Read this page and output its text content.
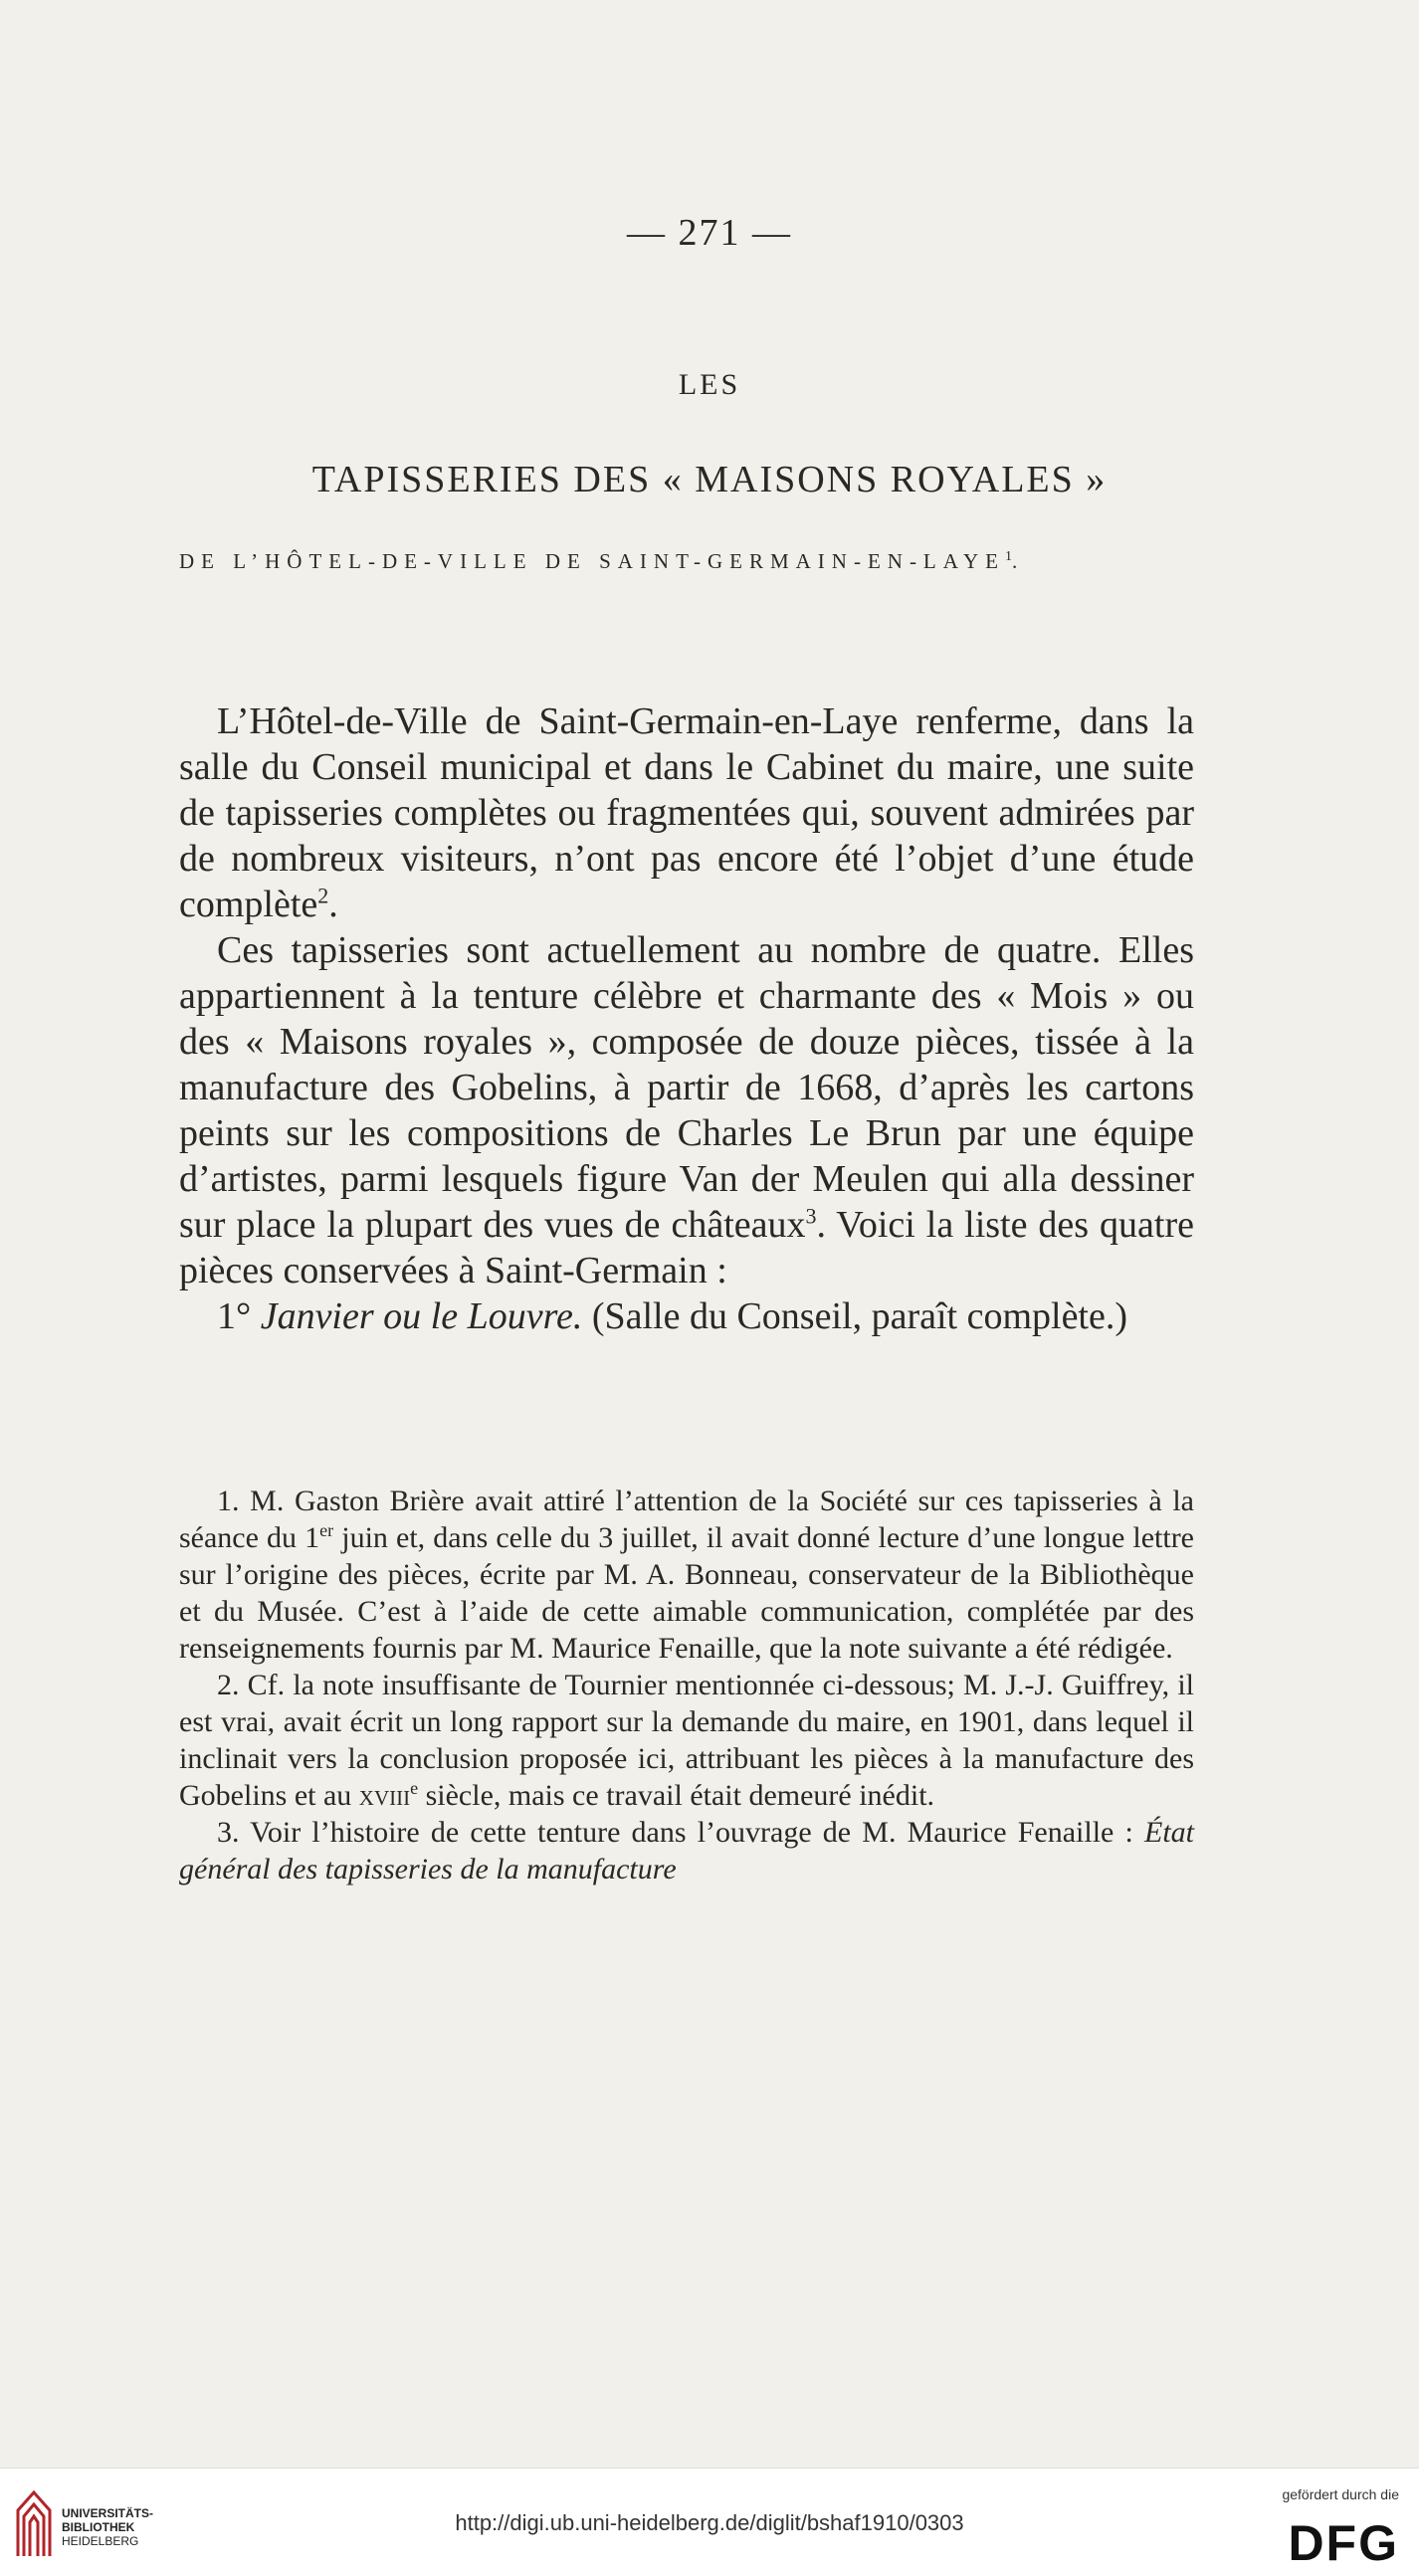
— 271 —
LES
TAPISSERIES DES « MAISONS ROYALES »
DE L’HÔTEL-DE-VILLE DE SAINT-GERMAIN-EN-LAYE$^1$.

L’Hôtel-de-Ville de Saint-Germain-en-Laye renferme, dans la salle du Conseil municipal et dans le Cabinet du maire, une suite de tapisseries complètes ou fragmentées qui, souvent admirées par de nombreux visiteurs, n’ont pas encore été l’objet d’une étude complète$^2$.

Ces tapisseries sont actuellement au nombre de quatre. Elles appartiennent à la tenture célèbre et charmante des « Mois » ou des « Maisons royales », composée de douze pièces, tissée à la manufacture des Gobelins, à partir de 1668, d’après les cartons peints sur les compositions de Charles Le Brun par une équipe d’artistes, parmi lesquels figure Van der Meulen qui alla dessiner sur place la plupart des vues de châteaux$^3$. Voici la liste des quatre pièces conservées à Saint-Germain :

1° Janvier ou le Louvre. (Salle du Conseil, paraît complète.)

1. M. Gaston Brière avait attiré l’attention de la Société sur ces tapisseries à la séance du 1er juin et, dans celle du 3 juillet, il avait donné lecture d’une longue lettre sur l’origine des pièces, écrite par M. A. Bonneau, conservateur de la Bibliothèque et du Musée. C’est à l’aide de cette aimable communication, complétée par des renseignements fournis par M. Maurice Fenaille, que la note suivante a été rédigée.

2. Cf. la note insuffisante de Tournier mentionnée ci-dessous; M. J.-J. Guiffrey, il est vrai, avait écrit un long rapport sur la demande du maire, en 1901, dans lequel il inclinait vers la conclusion proposée ici, attribuant les pièces à la manufacture des Gobelins et au xviii$^e$ siècle, mais ce travail était demeuré inédit.

3. Voir l’histoire de cette tenture dans l’ouvrage de M. Maurice Fenaille : État général des tapisseries de la manufacture

UNIVERSITÄTS-
BIBLIOTHEK
HEIDELBERG
http://digi.ub.uni-heidelberg.de/diglit/bshaf1910/0303
gefördert durch die
DFG
